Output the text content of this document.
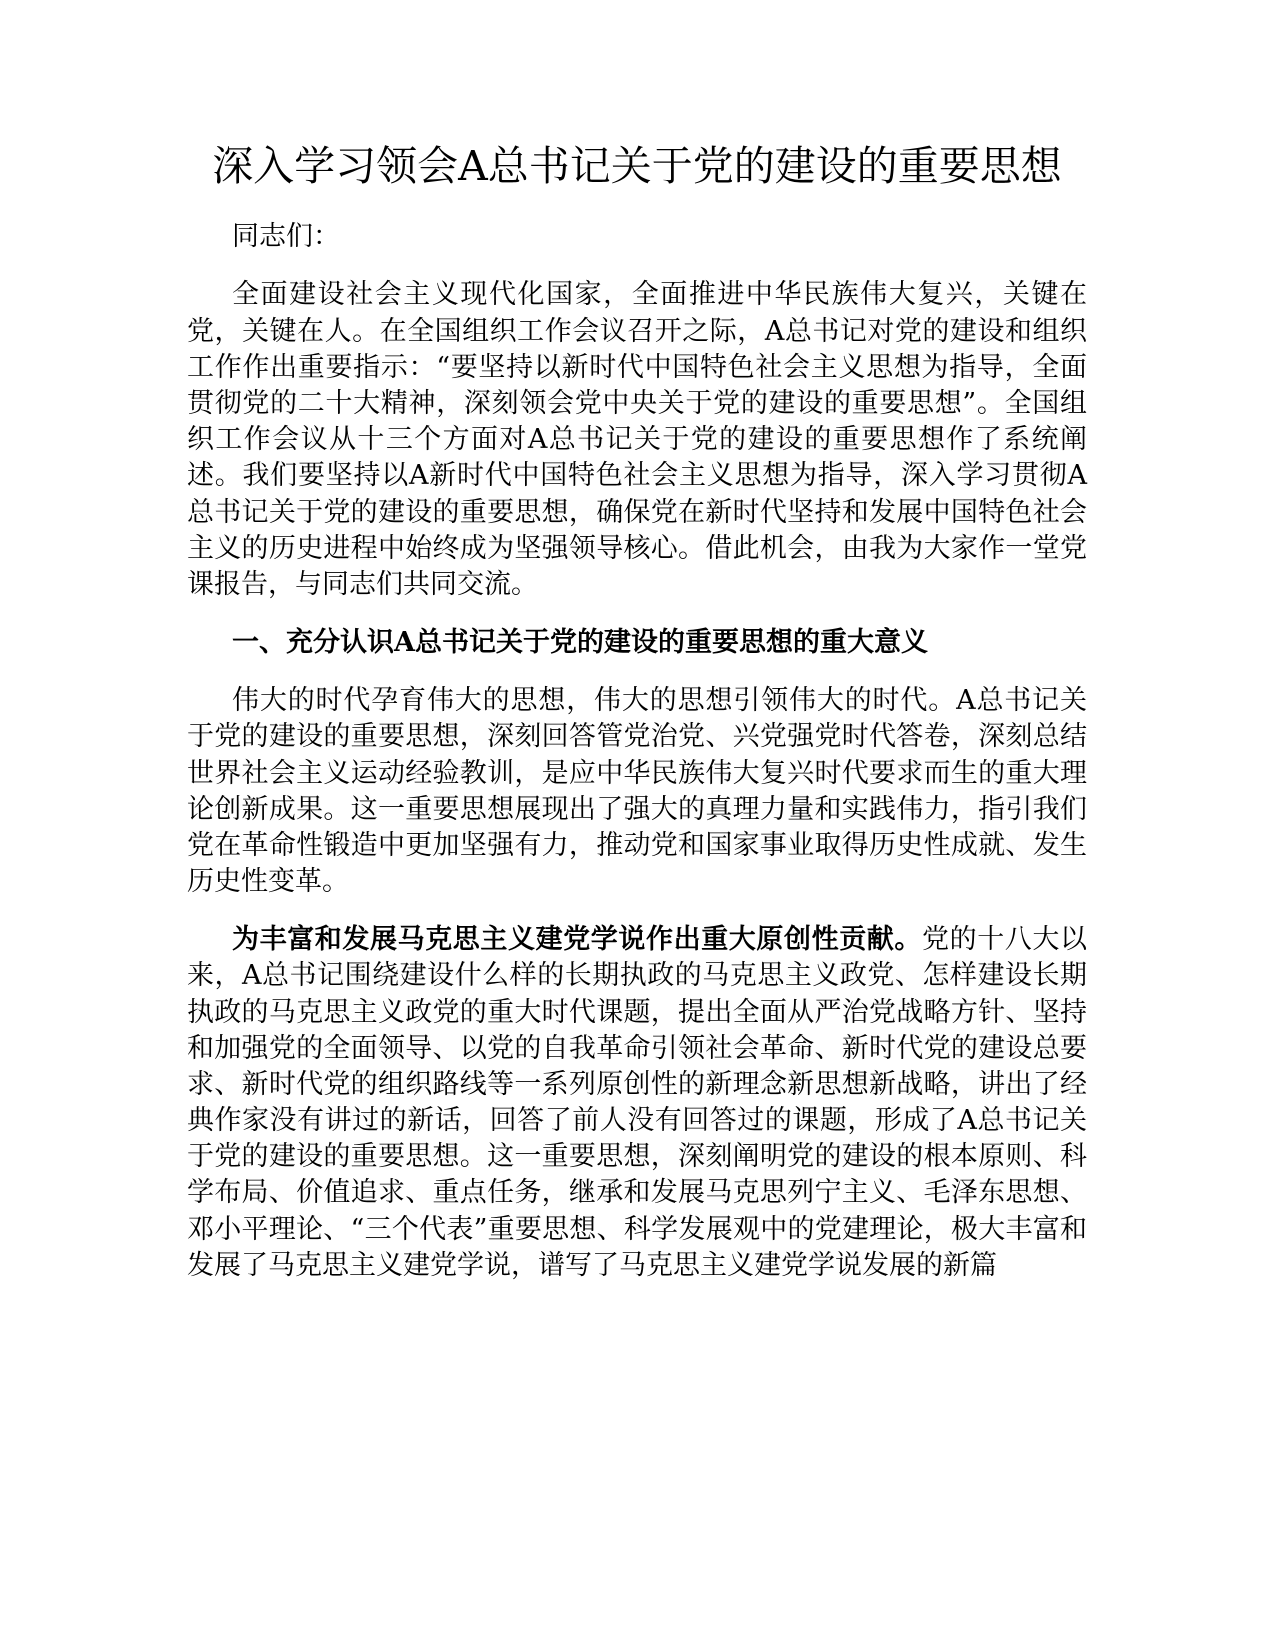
深入学习领会A总书记关于党的建设的重要思想

同志们：

全面建设社会主义现代化国家，全面推进中华民族伟大复兴，关键在党，关键在人。在全国组织工作会议召开之际，A总书记对党的建设和组织工作作出重要指示：“要坚持以新时代中国特色社会主义思想为指导，全面贯彻党的二十大精神，深刻领会党中央关于党的建设的重要思想”。全国组织工作会议从十三个方面对A总书记关于党的建设的重要思想作了系统阐述。我们要坚持以A新时代中国特色社会主义思想为指导，深入学习贯彻A总书记关于党的建设的重要思想，确保党在新时代坚持和发展中国特色社会主义的历史进程中始终成为坚强领导核心。借此机会，由我为大家作一堂党课报告，与同志们共同交流。

一、充分认识A总书记关于党的建设的重要思想的重大意义

伟大的时代孕育伟大的思想，伟大的思想引领伟大的时代。A总书记关于党的建设的重要思想，深刻回答管党治党、兴党强党时代答卷，深刻总结世界社会主义运动经验教训，是应中华民族伟大复兴时代要求而生的重大理论创新成果。这一重要思想展现出了强大的真理力量和实践伟力，指引我们党在革命性锻造中更加坚强有力，推动党和国家事业取得历史性成就、发生历史性变革。

为丰富和发展马克思主义建党学说作出重大原创性贡献。党的十八大以来，A总书记围绕建设什么样的长期执政的马克思主义政党、怎样建设长期执政的马克思主义政党的重大时代课题，提出全面从严治党战略方针、坚持和加强党的全面领导、以党的自我革命引领社会革命、新时代党的建设总要求、新时代党的组织路线等一系列原创性的新理念新思想新战略，讲出了经典作家没有讲过的新话，回答了前人没有回答过的课题，形成了A总书记关于党的建设的重要思想。这一重要思想，深刻阐明党的建设的根本原则、科学布局、价值追求、重点任务，继承和发展马克思列宁主义、毛泽东思想、邓小平理论、“三个代表”重要思想、科学发展观中的党建理论，极大丰富和发展了马克思主义建党学说，谱写了马克思主义建党学说发展的新篇
